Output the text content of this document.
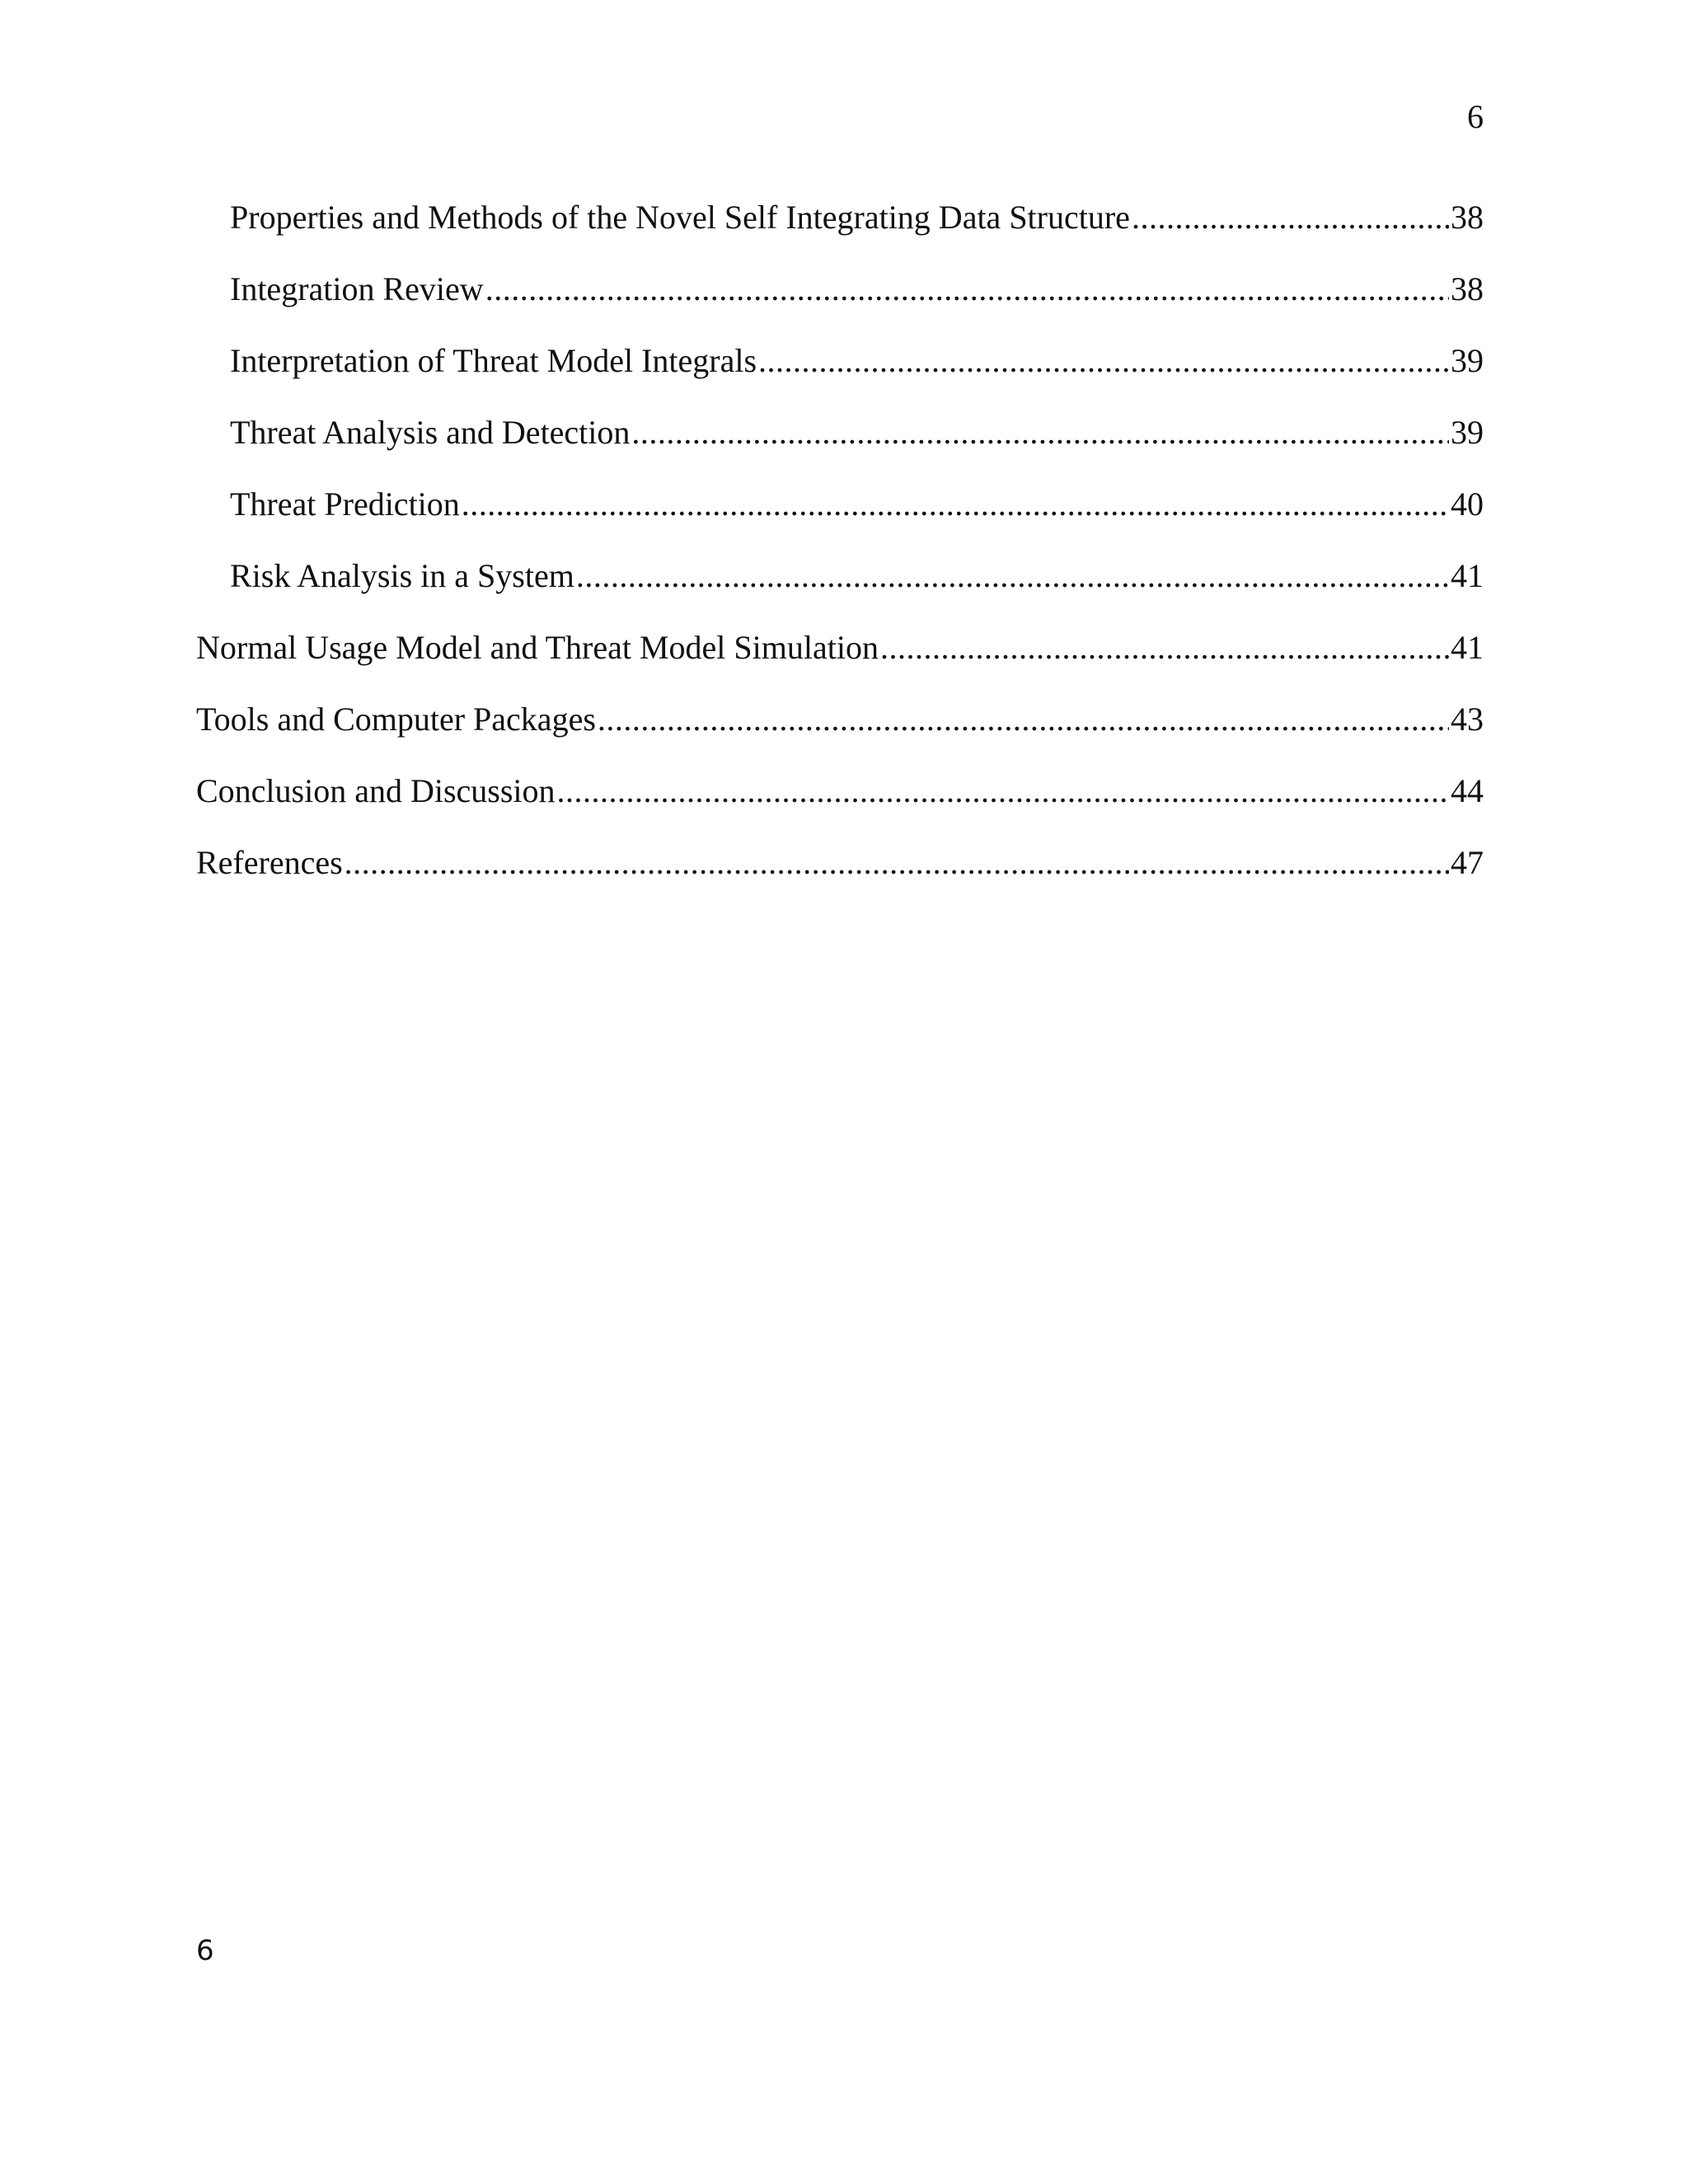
6
Properties and Methods of the Novel Self Integrating Data Structure .....	38
Integration Review .....	38
Interpretation of Threat Model Integrals .....	39
Threat Analysis and Detection .....	39
Threat Prediction .....	40
Risk Analysis in a System .....	41
Normal Usage Model and Threat Model Simulation .....	41
Tools and Computer Packages .....	43
Conclusion and Discussion .....	44
References .....	47
6
